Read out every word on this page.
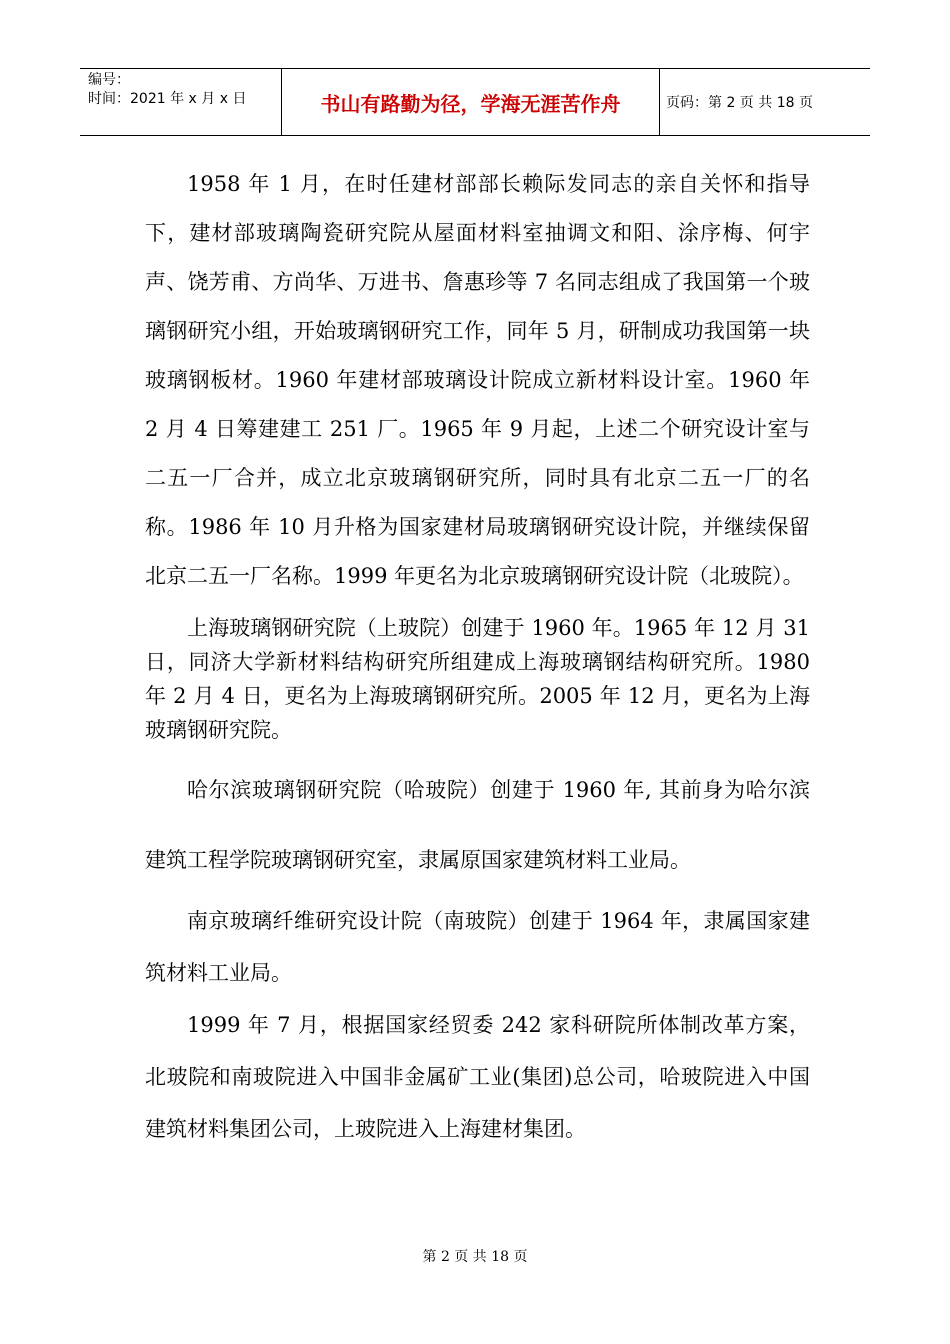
编号：
时间：2021 年 x 月 x 日	书山有路勤为径，学海无涯苦作舟	页码：第 2 页 共 18 页

1958 年 1 月，在时任建材部部长赖际发同志的亲自关怀和指导下，建材部玻璃陶瓷研究院从屋面材料室抽调文和阳、涂序梅、何宇声、饶芳甫、方尚华、万进书、詹惠珍等 7 名同志组成了我国第一个玻璃钢研究小组，开始玻璃钢研究工作，同年 5 月，研制成功我国第一块玻璃钢板材。1960 年建材部玻璃设计院成立新材料设计室。1960 年 2 月 4 日筹建建工 251 厂。1965 年 9 月起，上述二个研究设计室与二五一厂合并，成立北京玻璃钢研究所，同时具有北京二五一厂的名称。1986 年 10 月升格为国家建材局玻璃钢研究设计院，并继续保留北京二五一厂名称。1999 年更名为北京玻璃钢研究设计院（北玻院）。

上海玻璃钢研究院（上玻院）创建于 1960 年。1965 年 12 月 31 日，同济大学新材料结构研究所组建成上海玻璃钢结构研究所。1980 年 2 月 4 日，更名为上海玻璃钢研究所。2005 年 12 月，更名为上海玻璃钢研究院。

哈尔滨玻璃钢研究院（哈玻院）创建于 1960 年, 其前身为哈尔滨建筑工程学院玻璃钢研究室，隶属原国家建筑材料工业局。

南京玻璃纤维研究设计院（南玻院）创建于 1964 年，隶属国家建筑材料工业局。

1999 年 7 月，根据国家经贸委 242 家科研院所体制改革方案，北玻院和南玻院进入中国非金属矿工业(集团)总公司，哈玻院进入中国建筑材料集团公司，上玻院进入上海建材集团。

第 2 页 共 18 页
